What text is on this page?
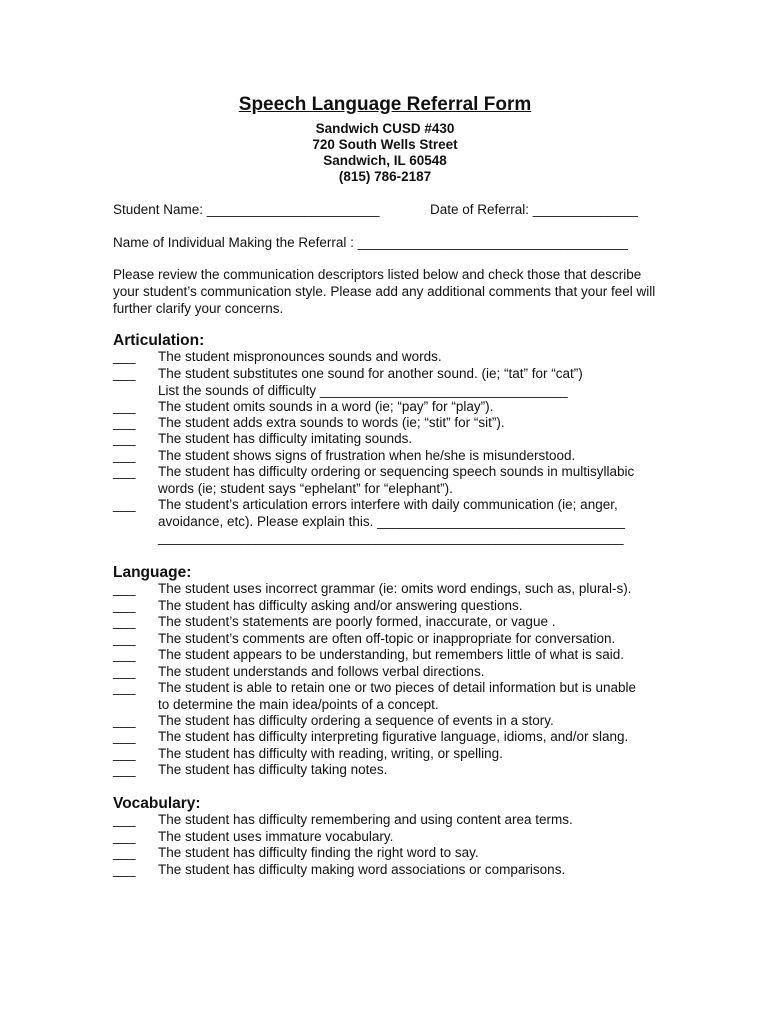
Speech Language Referral Form
Sandwich CUSD #430
720 South Wells Street
Sandwich, IL 60548
(815) 786-2187
Student Name: _______________________	Date of Referral: ______________
Name of Individual Making the Referral : ____________________________________
Please review the communication descriptors listed below and check those that describe your student’s communication style. Please add any additional comments that your feel will further clarify your concerns.
Articulation:
___	The student mispronounces sounds and words.
___	The student substitutes one sound for another sound. (ie; “tat” for “cat”)
List the sounds of difficulty _________________________________
___	The student omits sounds in a word (ie; “pay” for “play”).
___	The student adds extra sounds to words (ie; “stit” for “sit”).
___	The student has difficulty imitating sounds.
___	The student shows signs of frustration when he/she is misunderstood.
___	The student has difficulty ordering or sequencing speech sounds in multisyllabic
words (ie; student says “ephelant” for “elephant”).
___	The student’s articulation errors interfere with daily communication (ie; anger,
avoidance, etc). Please explain this. _________________________________
______________________________________________________________
Language:
___	The student uses incorrect grammar (ie: omits word endings, such as, plural-s).
___	The student has difficulty asking and/or answering questions.
___	The student’s statements are poorly formed, inaccurate, or vague .
___	The student’s comments are often off-topic or inappropriate for conversation.
___	The student appears to be understanding, but remembers little of what is said.
___	The student understands and follows verbal directions.
___	The student is able to retain one or two pieces of detail information but is unable
to determine the main idea/points of a concept.
___	The student has difficulty ordering a sequence of events in a story.
___	The student has difficulty interpreting figurative language, idioms, and/or slang.
___	The student has difficulty with reading, writing, or spelling.
___	The student has difficulty taking notes.
Vocabulary:
___	The student has difficulty remembering and using content area terms.
___	The student uses immature vocabulary.
___	The student has difficulty finding the right word to say.
___	The student has difficulty making word associations or comparisons.
